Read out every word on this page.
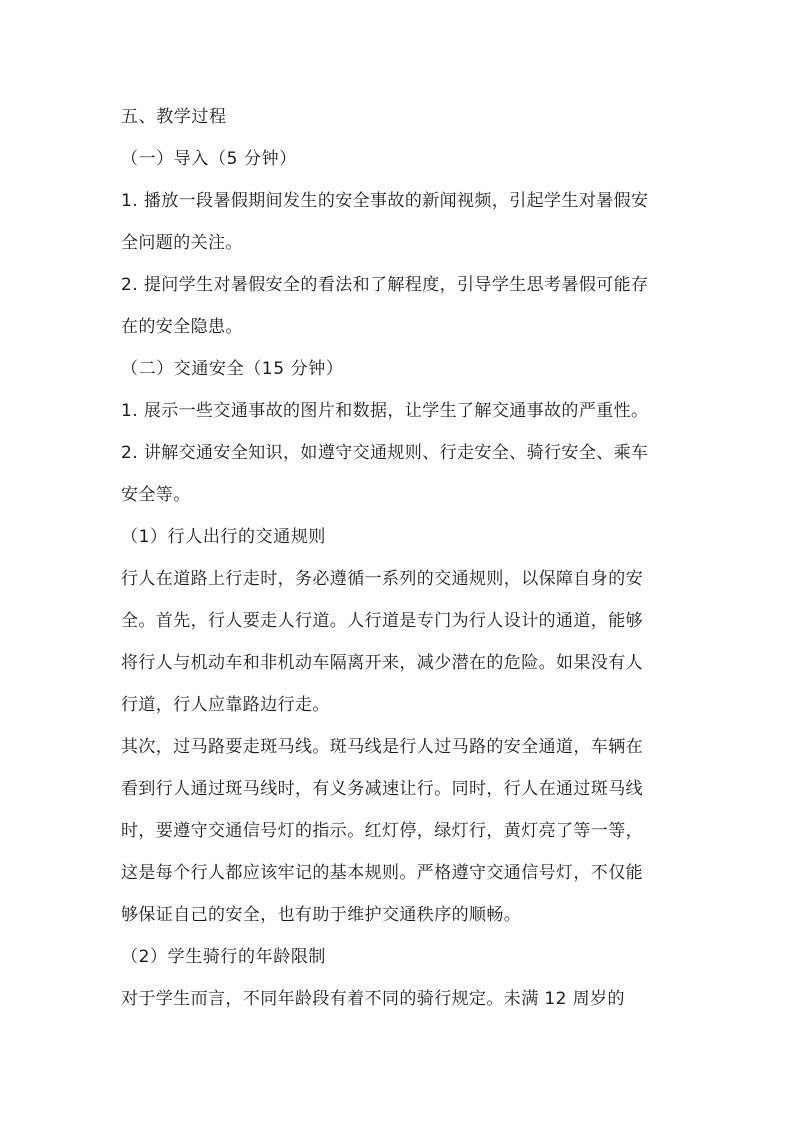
五、教学过程
（一）导入（5 分钟）
1. 播放一段暑假期间发生的安全事故的新闻视频，引起学生对暑假安
全问题的关注。
2. 提问学生对暑假安全的看法和了解程度，引导学生思考暑假可能存
在的安全隐患。
（二）交通安全（15 分钟）
1. 展示一些交通事故的图片和数据，让学生了解交通事故的严重性。
2. 讲解交通安全知识，如遵守交通规则、行走安全、骑行安全、乘车
安全等。
（1）行人出行的交通规则
行人在道路上行走时，务必遵循一系列的交通规则，以保障自身的安
全。首先，行人要走人行道。人行道是专门为行人设计的通道，能够
将行人与机动车和非机动车隔离开来，减少潜在的危险。如果没有人
行道，行人应靠路边行走。
其次，过马路要走斑马线。斑马线是行人过马路的安全通道，车辆在
看到行人通过斑马线时，有义务减速让行。同时，行人在通过斑马线
时，要遵守交通信号灯的指示。红灯停，绿灯行，黄灯亮了等一等，
这是每个行人都应该牢记的基本规则。严格遵守交通信号灯，不仅能
够保证自己的安全，也有助于维护交通秩序的顺畅。
（2）学生骑行的年龄限制
对于学生而言，不同年龄段有着不同的骑行规定。未满 12 周岁的
